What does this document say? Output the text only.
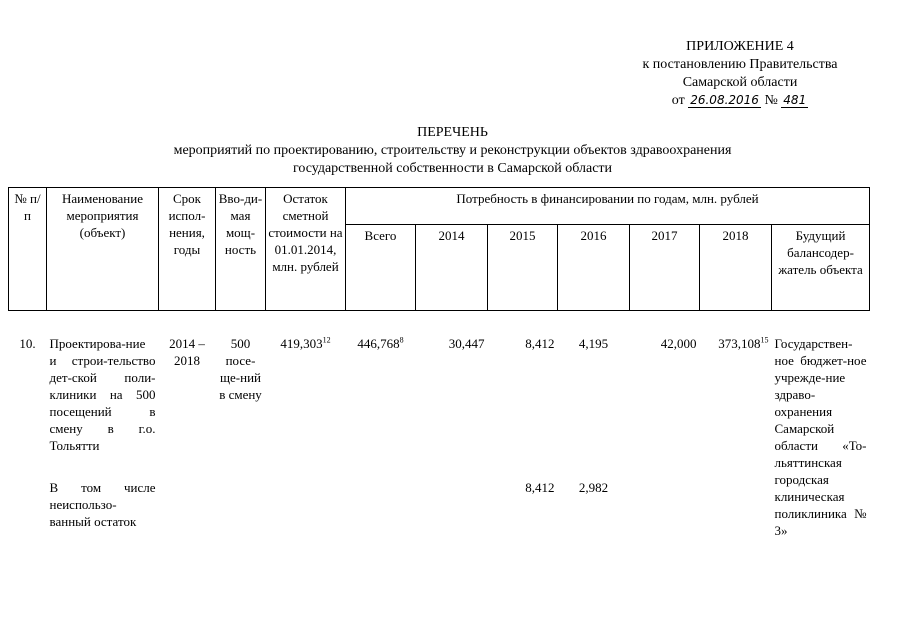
ПРИЛОЖЕНИЕ 4
к постановлению Правительства
Самарской области
от 26.08.2016 № 481
ПЕРЕЧЕНЬ
мероприятий по проектированию, строительству и реконструкции объектов здравоохранения
государственной собственности в Самарской области
№ п/п	Наименование мероприятия (объект)	Срок испол-нения, годы	Вво-ди-мая мощ-ность	Остаток сметной стоимости на 01.01.2014, млн. рублей	Потребность в финансировании по годам, млн. рублей						
					Всего	2014	2015	2016	2017	2018	Будущий балансодер-жатель объекта

10.	Проектирова-ние и строи-тельство дет-ской поли-клиники на 500 посещений в смену в г.о. Тольятти	2014 – 2018	500 посе-ще-ний в смену	419,303$^{12}$	446,768$^8$	30,447	8,412	4,195	42,000	373,108$^{15}$	Государствен-ное бюджет-ное учрежде-ние здраво-охранения Самарской области «То-льяттинская городская клиническая поликлиника № 3»
	В том числе неиспользо-ванный остаток						8,412	2,982			
